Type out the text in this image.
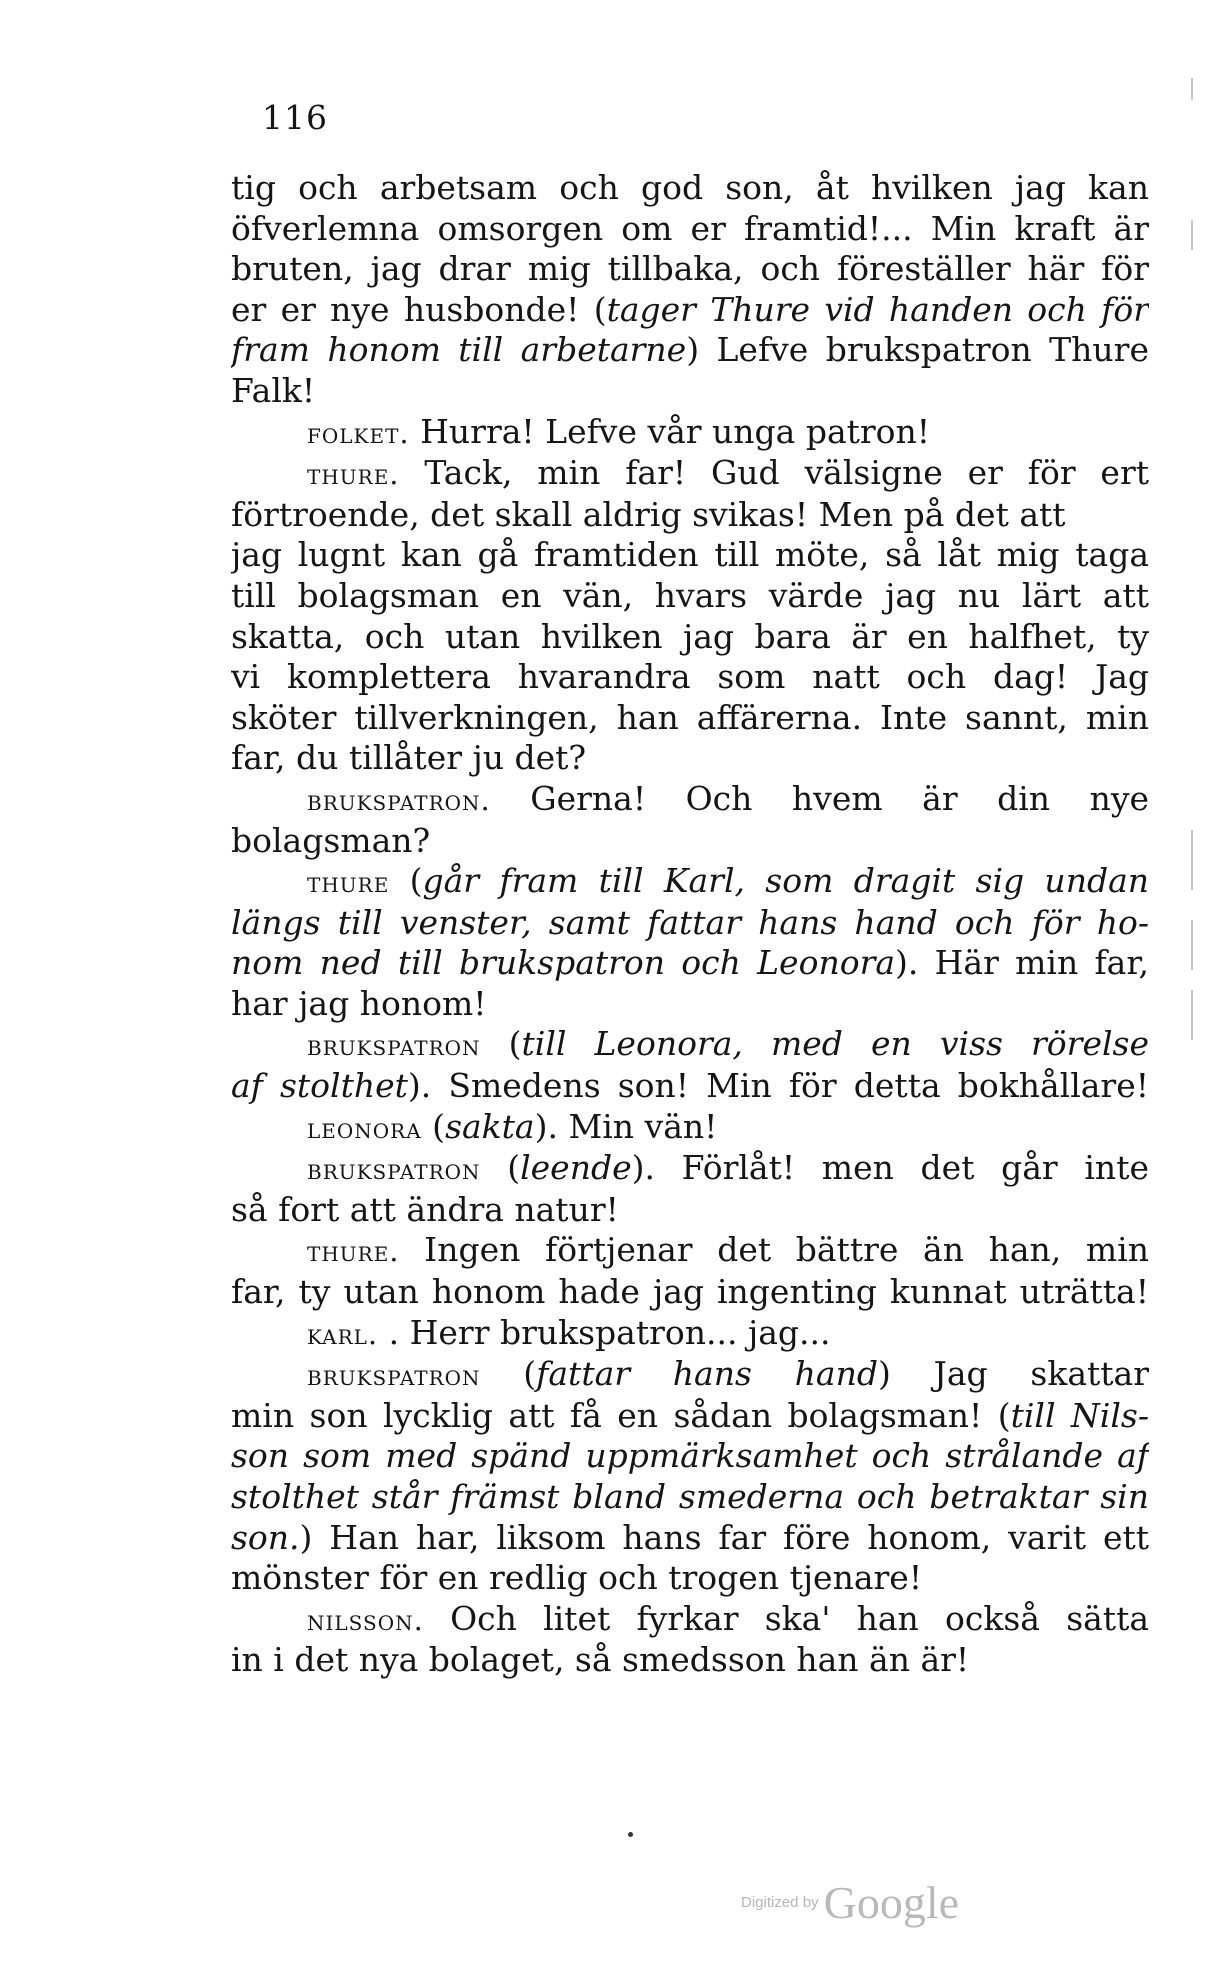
116
tig och arbetsam och god son, åt hvilken jag kan
öfverlemna omsorgen om er framtid!... Min kraft är
bruten, jag drar mig tillbaka, och föreställer här för
er er nye husbonde! (tager Thure vid handen och för
fram honom till arbetarne) Lefve brukspatron Thure
Falk!
folket. Hurra! Lefve vår unga patron!
thure. Tack, min far! Gud välsigne er för ert
förtroende, det skall aldrig svikas! Men på det att
jag lugnt kan gå framtiden till möte, så låt mig taga
till bolagsman en vän, hvars värde jag nu lärt att
skatta, och utan hvilken jag bara är en halfhet, ty
vi komplettera hvarandra som natt och dag! Jag
sköter tillverkningen, han affärerna. Inte sannt, min
far, du tillåter ju det?
brukspatron. Gerna! Och hvem är din nye
bolagsman?
thure (går fram till Karl, som dragit sig undan
längs till venster, samt fattar hans hand och för ho-
nom ned till brukspatron och Leonora). Här min far,
har jag honom!
brukspatron (till Leonora, med en viss rörelse
af stolthet). Smedens son! Min för detta bokhållare!
leonora (sakta). Min vän!
brukspatron (leende). Förlåt! men det går inte
så fort att ändra natur!
thure. Ingen förtjenar det bättre än han, min
far, ty utan honom hade jag ingenting kunnat uträtta!
karl. . Herr brukspatron... jag...
brukspatron (fattar hans hand) Jag skattar
min son lycklig att få en sådan bolagsman! (till Nils-
son som med spänd uppmärksamhet och strålande af
stolthet står främst bland smederna och betraktar sin
son.) Han har, liksom hans far före honom, varit ett
mönster för en redlig och trogen tjenare!
nilsson. Och litet fyrkar ska' han också sätta
in i det nya bolaget, så smedsson han än är!
Digitized by Google
